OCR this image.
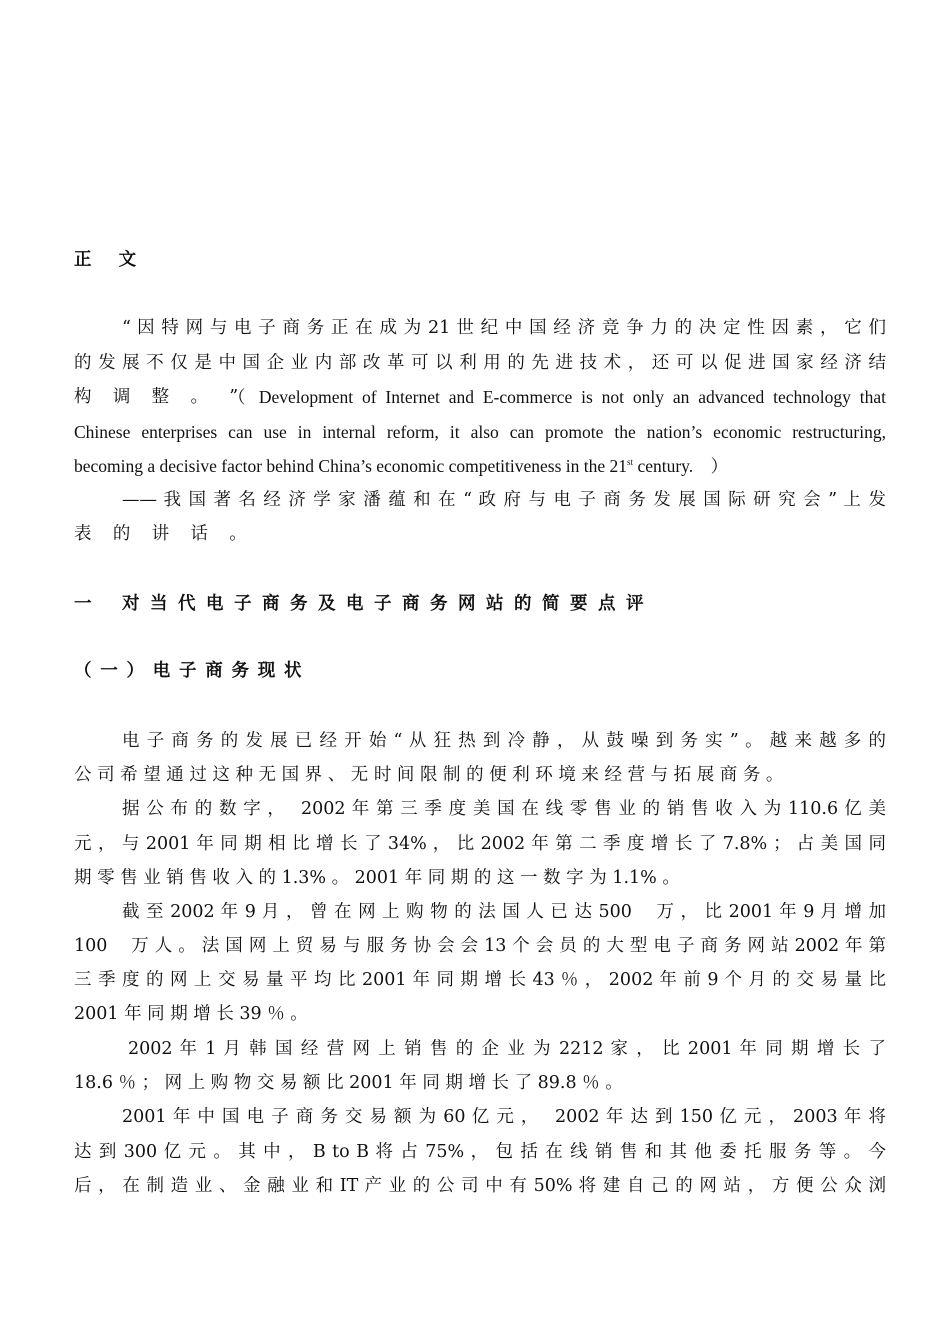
正 文
“ 因 特 网 与 电 子 商 务 正 在 成 为 21 世 纪 中 国 经 济 竞 争 力 的 决 定 性 因 素 ， 它 们
的 发 展 不 仅 是 中 国 企 业 内 部 改 革 可 以 利 用 的 先 进 技 术 ， 还 可 以 促 进 国 家 经 济 结
构 调 整 。 ”
（ Development of Internet and E-commerce is not only an advanced technology that
Chinese enterprises can use in internal reform, it also can promote the nation’s economic restructuring,
becoming a decisive factor behind China’s economic competitiveness in the 21st century.　）
—— 我 国 著 名 经 济 学 家 潘 蕴 和 在 “ 政 府 与 电 子 商 务 发 展 国 际 研 究 会 ” 上 发
表 的 讲 话 。
一 对当代电子商务及电子商务网站的简要点评
（一）电子商务现状
电 子 商 务 的 发 展 已 经 开 始 “ 从 狂 热 到 冷 静 ， 从 鼓 噪 到 务 实 ” 。 越 来 越 多 的
公 司 希 望 通 过 这 种 无 国 界 、 无 时 间 限 制 的 便 利 环 境 来 经 营 与 拓 展 商 务 。
据 公 布 的 数 字 ，　 2002 年 第 三 季 度 美 国 在 线 零 售 业 的 销 售 收 入 为 110.6 亿 美
元 ， 与 2001 年 同 期 相 比 增 长 了 34% ， 比 2002 年 第 二 季 度 增 长 了 7.8% ； 占 美 国 同
期 零 售 业 销 售 收 入 的 1.3% 。 2001 年 同 期 的 这 一 数 字 为 1.1% 。
截 至 2002 年 9 月 ， 曾 在 网 上 购 物 的 法 国 人 已 达 500　 万 ， 比 2001 年 9 月 增 加
100　 万 人 。 法 国 网 上 贸 易 与 服 务 协 会 会 13 个 会 员 的 大 型 电 子 商 务 网 站 2002 年 第
三 季 度 的 网 上 交 易 量 平 均 比 2001 年 同 期 增 长 43 ％ ， 2002 年 前 9 个 月 的 交 易 量 比
2001 年 同 期 增 长 39 ％ 。
2002 年 1 月 韩 国 经 营 网 上 销 售 的 企 业 为 2212 家 ， 比 2001 年 同 期 增 长 了
18.6 ％ ； 网 上 购 物 交 易 额 比 2001 年 同 期 增 长 了 89.8 ％ 。
2001 年 中 国 电 子 商 务 交 易 额 为 60 亿 元 ，　 2002 年 达 到 150 亿 元 ， 2003 年 将
达 到 300 亿 元 。 其 中 ， B to B 将 占 75% ， 包 括 在 线 销 售 和 其 他 委 托 服 务 等 。 今
后 ， 在 制 造 业 、 金 融 业 和 IT 产 业 的 公 司 中 有 50% 将 建 自 己 的 网 站 ， 方 便 公 众 浏
